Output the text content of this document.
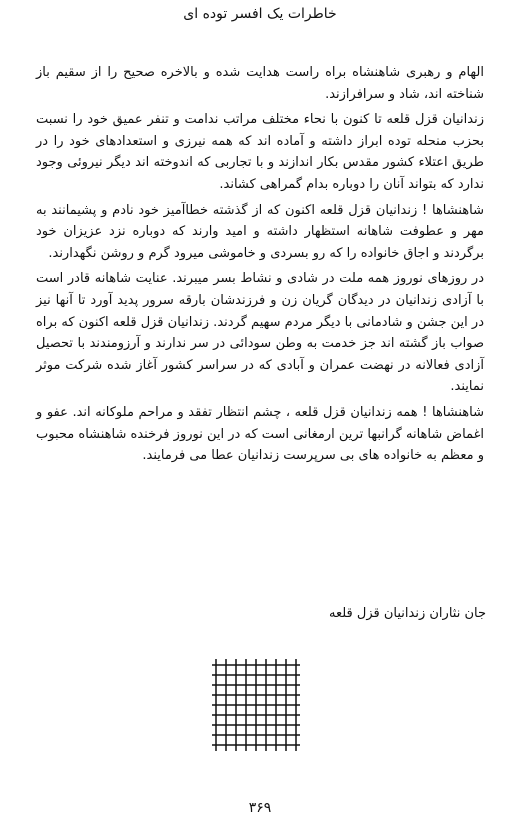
خاطرات یک افسر توده ای

الهام و رهبری شاهنشاه براه راست هدایت شده و بالاخره صحیح را از سقیم باز شناخته اند، شاد و سرافرازند.

زندانیان قزل قلعه تا کنون با نحاء مختلف مراتب ندامت و تنفر عمیق خود را نسبت بحزب منحله توده ابراز داشته و آماده اند که همه نیرزی و استعدادهای خود را در طریق اعتلاء کشور مقدس بکار اندازند و با تجاربی که اندوخته اند دیگر نیروئی وجود ندارد که بتواند آنان را دوباره بدام گمراهی کشاند.

شاهنشاها ! زندانیان قزل قلعه اکنون که از گذشته خطاآمیز خود نادم و پشیمانند به مهر و عطوفت شاهانه استظهار داشته و امید وارند که دوباره نزد عزیزان خود برگردند و اجاق خانواده را که رو بسردی و خاموشی میرود گرم و روشن نگهدارند.

در روزهای نوروز همه ملت در شادی و نشاط بسر میبرند. عنایت شاهانه قادر است با آزادی زندانیان در دیدگان گریان زن و فرزندشان بارقه سرور پدید آورد تا آنها نیز در این جشن و شادمانی با دیگر مردم سهیم گردند. زندانیان قزل قلعه اکنون که براه صواب باز گشته اند جز خدمت به وطن سودائی در سر ندارند و آرزومندند با تحصیل آزادی فعالانه در نهضت عمران و آبادی که در سراسر کشور آغاز شده شرکت موثر نمایند.

شاهنشاها ! همه زندانیان قزل قلعه ، چشم انتظار تفقد و مراحم ملوکانه اند. عفو و اغماض شاهانه گرانبها ترین ارمغانی است که در این نوروز فرخنده شاهنشاه محبوب و معظم به خانواده های بی سرپرست زندانیان عطا می فرمایند.

جان نثاران زندانیان قزل قلعه
۳۶۹
